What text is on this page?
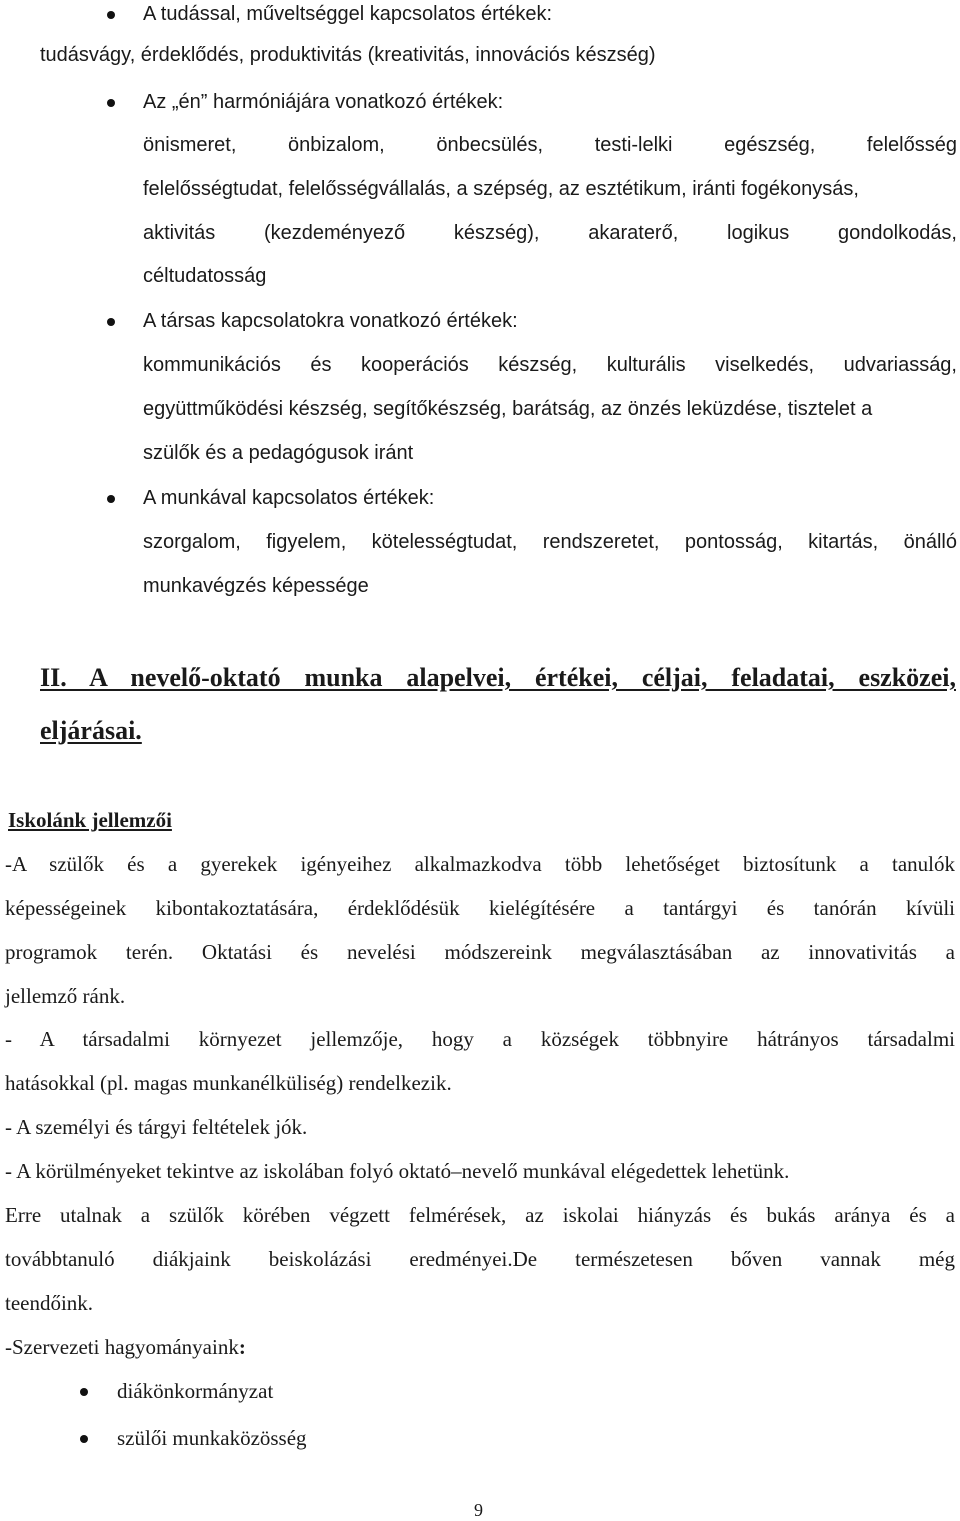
A tudással, műveltséggel kapcsolatos értékek:
tudásvágy, érdeklődés, produktivitás (kreativitás, innovációs készség)
Az „én” harmóniájára vonatkozó értékek:
önismeret, önbizalom, önbecsülés, testi-lelki egészség, felelősség
felelősségtudat, felelősségvállalás, a szépség, az esztétikum, iránti fogékonysás,
aktivitás (kezdeményező készség), akaraterő, logikus gondolkodás,
céltudatosság
A társas kapcsolatokra vonatkozó értékek:
kommunikációs és kooperációs készség, kulturális viselkedés, udvariasság,
együttműködési készség, segítőkészség, barátság, az önzés leküzdése, tisztelet a
szülők és a pedagógusok iránt
A munkával kapcsolatos értékek:
szorgalom, figyelem, kötelességtudat, rendszeretet, pontosság, kitartás, önálló
munkavégzés képessége
II. A nevelő-oktató munka alapelvei, értékei, céljai, feladatai, eszközei,
eljárásai.
Iskolánk jellemzői
-A szülők és a gyerekek igényeihez alkalmazkodva több lehetőséget biztosítunk a tanulók
képességeinek kibontakoztatására, érdeklődésük kielégítésére a tantárgyi és tanórán kívüli
programok terén. Oktatási és nevelési módszereink megválasztásában az innovativitás a
jellemző ránk.
- A társadalmi környezet jellemzője, hogy a községek többnyire hátrányos társadalmi
hatásokkal (pl. magas munkanélküliség) rendelkezik.
- A személyi és tárgyi feltételek jók.
- A körülményeket tekintve az iskolában folyó oktató–nevelő munkával elégedettek lehetünk.
Erre utalnak a szülők körében végzett felmérések, az iskolai hiányzás és bukás aránya és a
továbbtanuló diákjaink beiskolázási eredményei.De természetesen bőven vannak még
teendőink.
-Szervezeti hagyományaink:
diákönkormányzat
szülői munkaközösség
9
